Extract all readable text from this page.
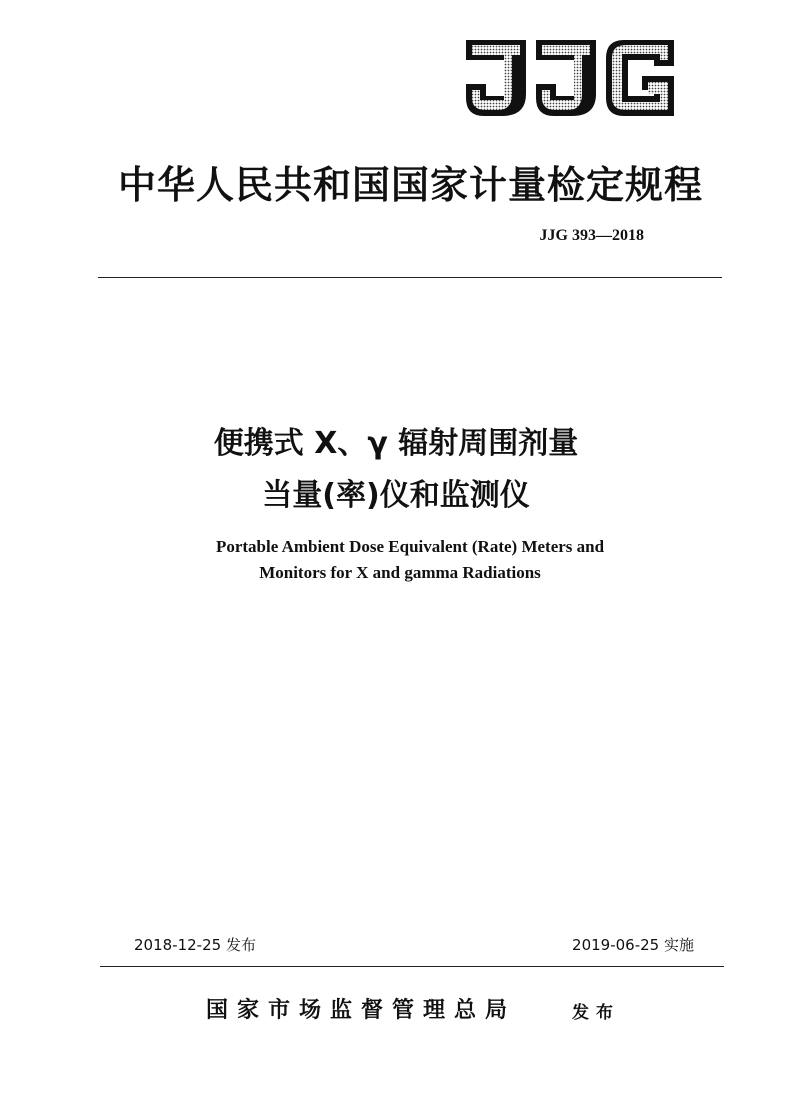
中华人民共和国国家计量检定规程
JJG 393—2018
便携式 X、γ 辐射周围剂量
当量(率)仪和监测仪
Portable Ambient Dose Equivalent (Rate) Meters and
Monitors for X and gamma Radiations
2018-12-25 发布	2019-06-25 实施
国家市场监督管理总局	发布
